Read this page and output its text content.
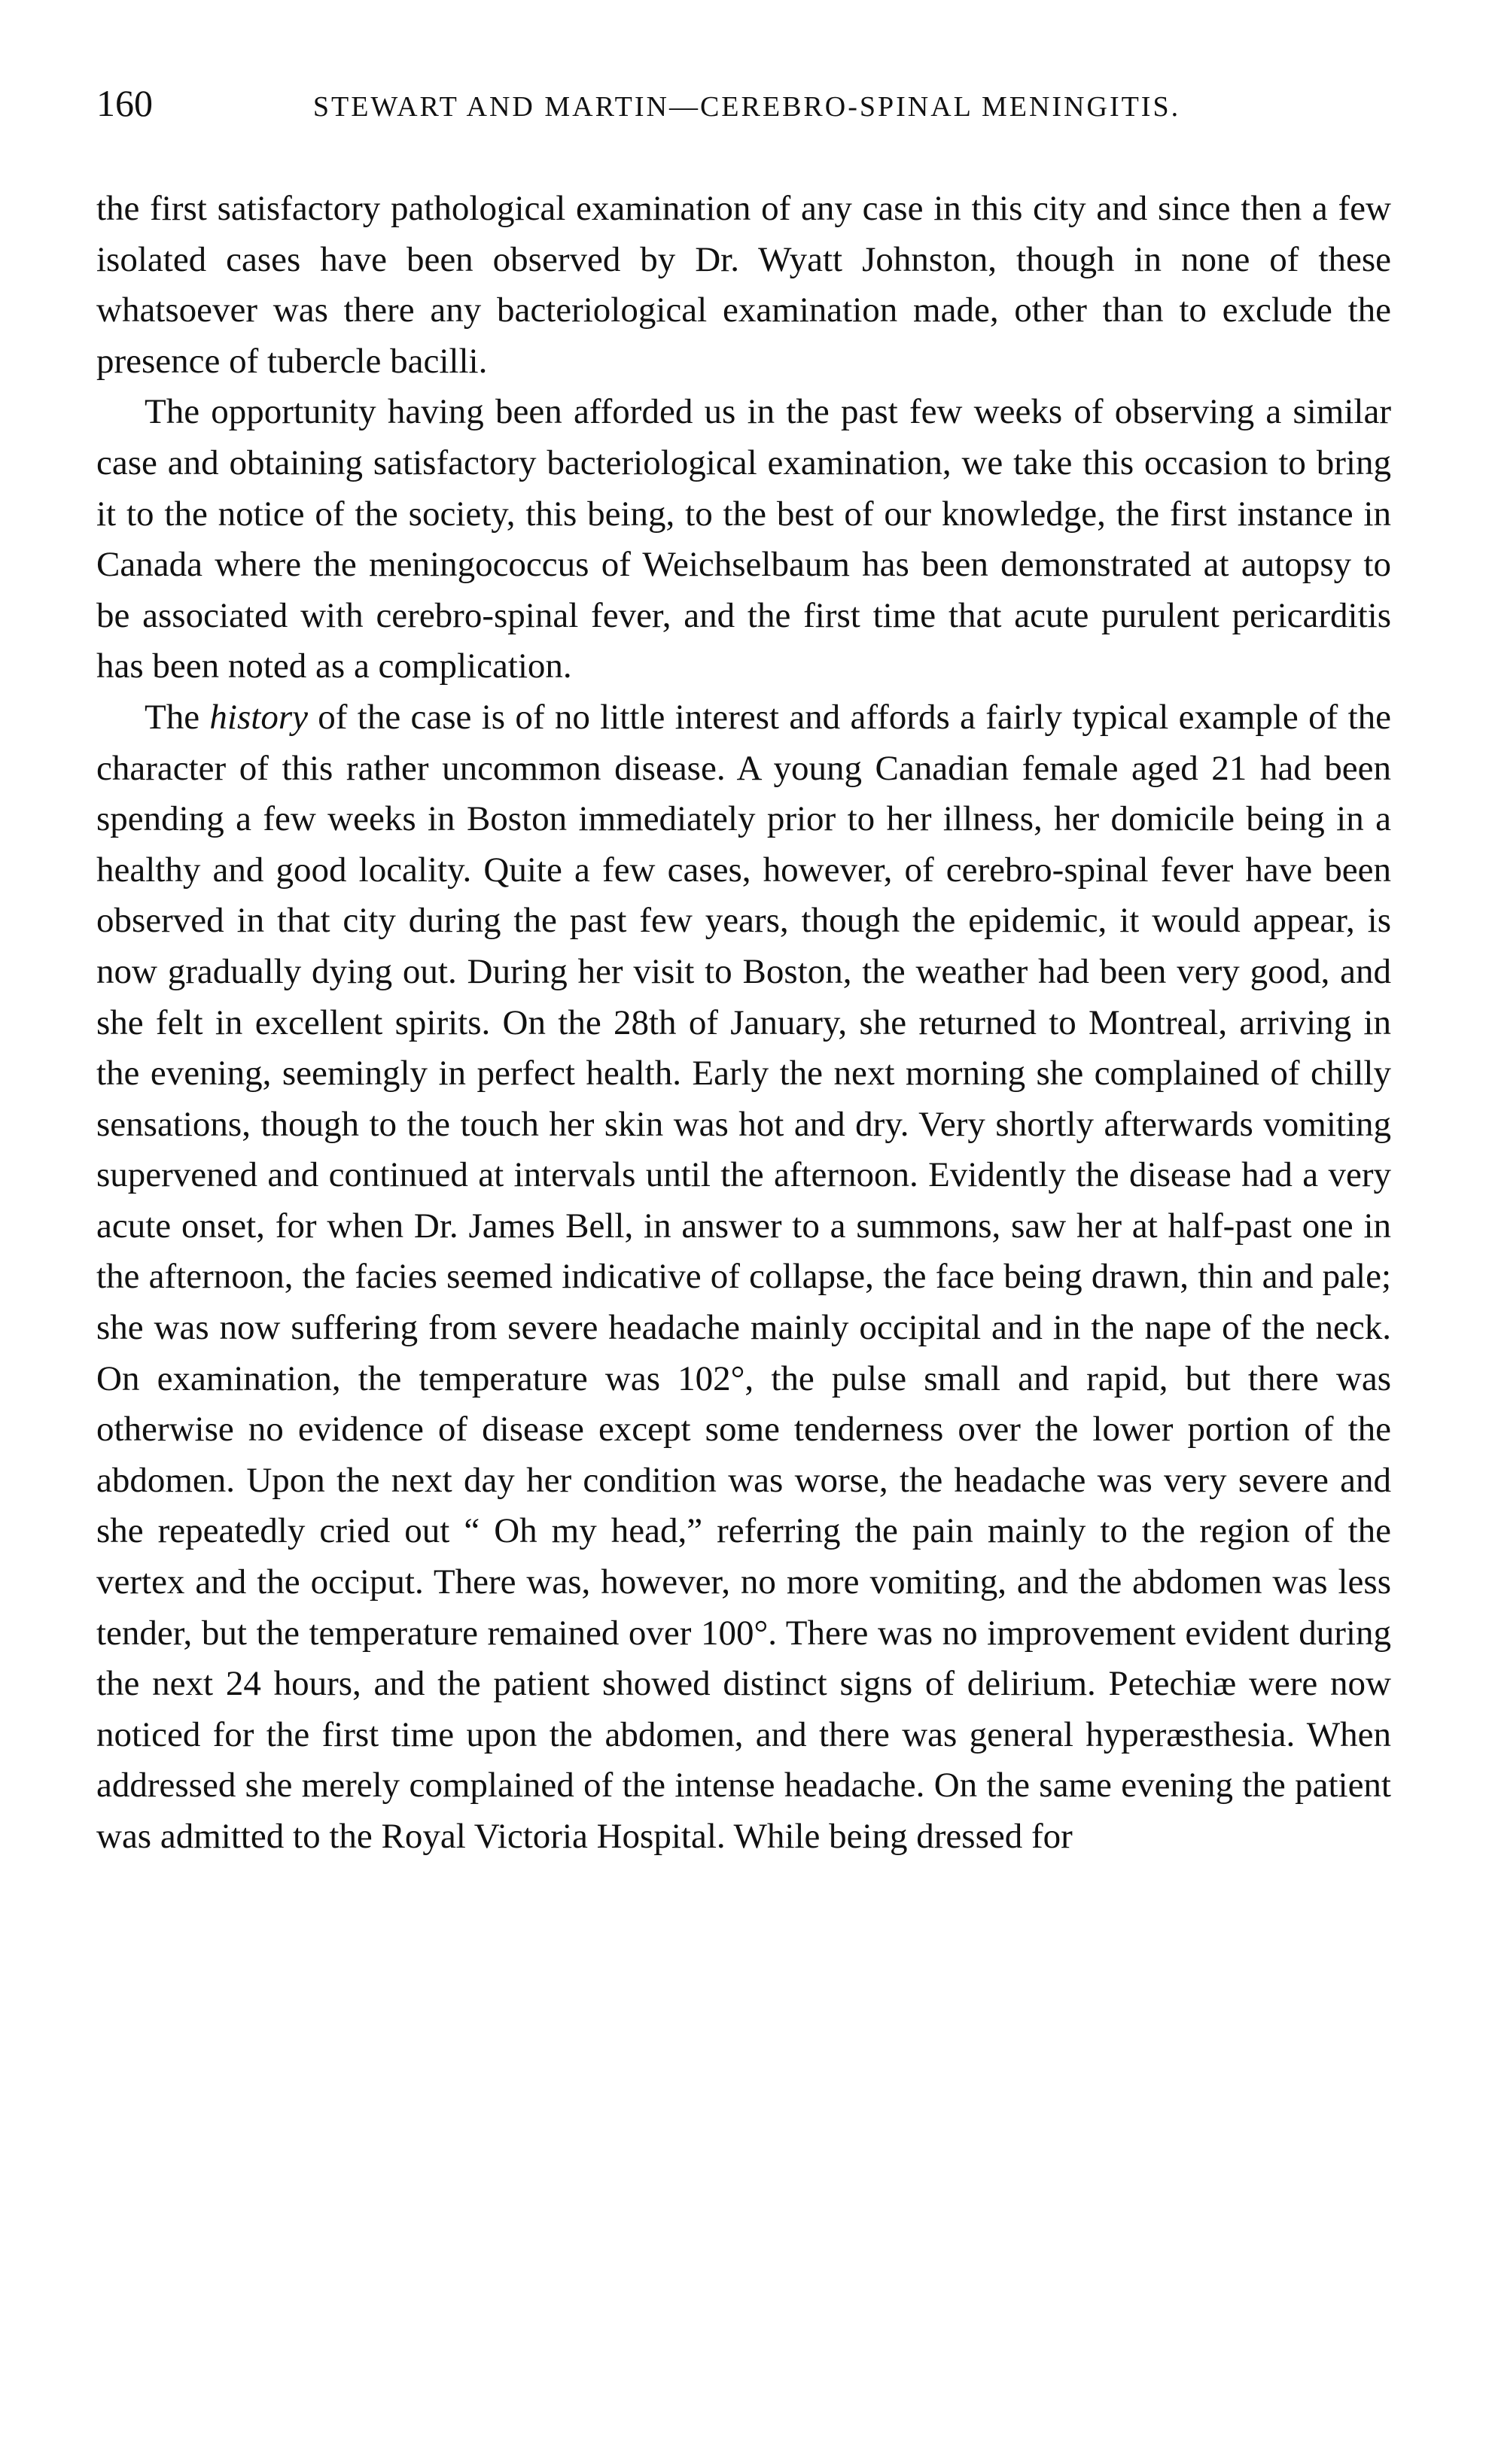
160	STEWART AND MARTIN—CEREBRO-SPINAL MENINGITIS.

the first satisfactory pathological examination of any case in this city and since then a few isolated cases have been observed by Dr. Wyatt Johnston, though in none of these whatsoever was there any bacteriological examination made, other than to exclude the presence of tubercle bacilli.

The opportunity having been afforded us in the past few weeks of observing a similar case and obtaining satisfactory bacteriological examination, we take this occasion to bring it to the notice of the society, this being, to the best of our knowledge, the first instance in Canada where the meningococcus of Weichselbaum has been demonstrated at autopsy to be associated with cerebro-spinal fever, and the first time that acute purulent pericarditis has been noted as a complication.

The history of the case is of no little interest and affords a fairly typical example of the character of this rather uncommon disease. A young Canadian female aged 21 had been spending a few weeks in Boston immediately prior to her illness, her domicile being in a healthy and good locality. Quite a few cases, however, of cerebro-spinal fever have been observed in that city during the past few years, though the epidemic, it would appear, is now gradually dying out. During her visit to Boston, the weather had been very good, and she felt in excellent spirits. On the 28th of January, she returned to Montreal, arriving in the evening, seemingly in perfect health. Early the next morning she complained of chilly sensations, though to the touch her skin was hot and dry. Very shortly afterwards vomiting supervened and continued at intervals until the afternoon. Evidently the disease had a very acute onset, for when Dr. James Bell, in answer to a summons, saw her at half-past one in the afternoon, the facies seemed indicative of collapse, the face being drawn, thin and pale; she was now suffering from severe headache mainly occipital and in the nape of the neck. On examination, the temperature was 102°, the pulse small and rapid, but there was otherwise no evidence of disease except some tenderness over the lower portion of the abdomen. Upon the next day her condition was worse, the headache was very severe and she repeatedly cried out “ Oh my head,” referring the pain mainly to the region of the vertex and the occiput. There was, however, no more vomiting, and the abdomen was less tender, but the temperature remained over 100°. There was no improvement evident during the next 24 hours, and the patient showed distinct signs of delirium. Petechiæ were now noticed for the first time upon the abdomen, and there was general hyperæsthesia. When addressed she merely complained of the intense headache. On the same evening the patient was admitted to the Royal Victoria Hospital. While being dressed for
